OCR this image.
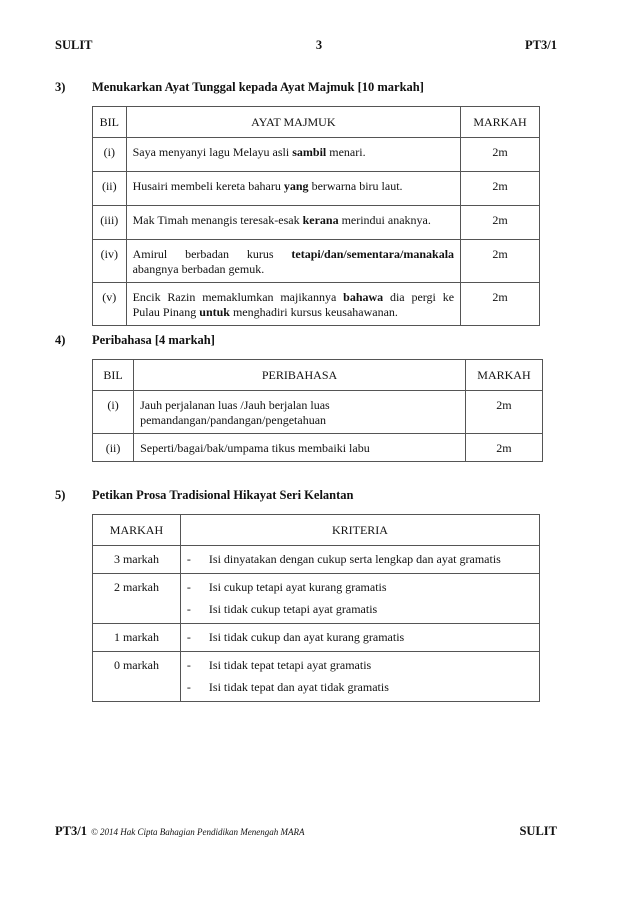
SULIT	3	PT3/1
3) Menukarkan Ayat Tunggal kepada Ayat Majmuk [10 markah]
BIL	AYAT MAJMUK	MARKAH
(i)	Saya menyanyi lagu Melayu asli sambil menari.	2m
(ii)	Husairi membeli kereta baharu yang berwarna biru laut.	2m
(iii)	Mak Timah menangis teresak-esak kerana merindui anaknya.	2m
(iv)	Amirul berbadan kurus tetapi/dan/sementara/manakala abangnya berbadan gemuk.	2m
(v)	Encik Razin memaklumkan majikannya bahawa dia pergi ke Pulau Pinang untuk menghadiri kursus keusahawanan.	2m
4) Peribahasa [4 markah]
BIL	PERIBAHASA	MARKAH
(i)	Jauh perjalanan luas /Jauh berjalan luas pemandangan/pandangan/pengetahuan	2m
(ii)	Seperti/bagai/bak/umpama tikus membaiki labu	2m
5) Petikan Prosa Tradisional Hikayat Seri Kelantan
MARKAH	KRITERIA
3 markah	- Isi dinyatakan dengan cukup serta lengkap dan ayat gramatis

2 markah	- Isi cukup tetapi ayat kurang gramatis
- Isi tidak cukup tetapi ayat gramatis

1 markah	- Isi tidak cukup dan ayat kurang gramatis

0 markah	- Isi tidak tepat tetapi ayat gramatis
- Isi tidak tepat dan ayat tidak gramatis
PT3/1 © 2014 Hak Cipta Bahagian Pendidikan Menengah MARA	SULIT
